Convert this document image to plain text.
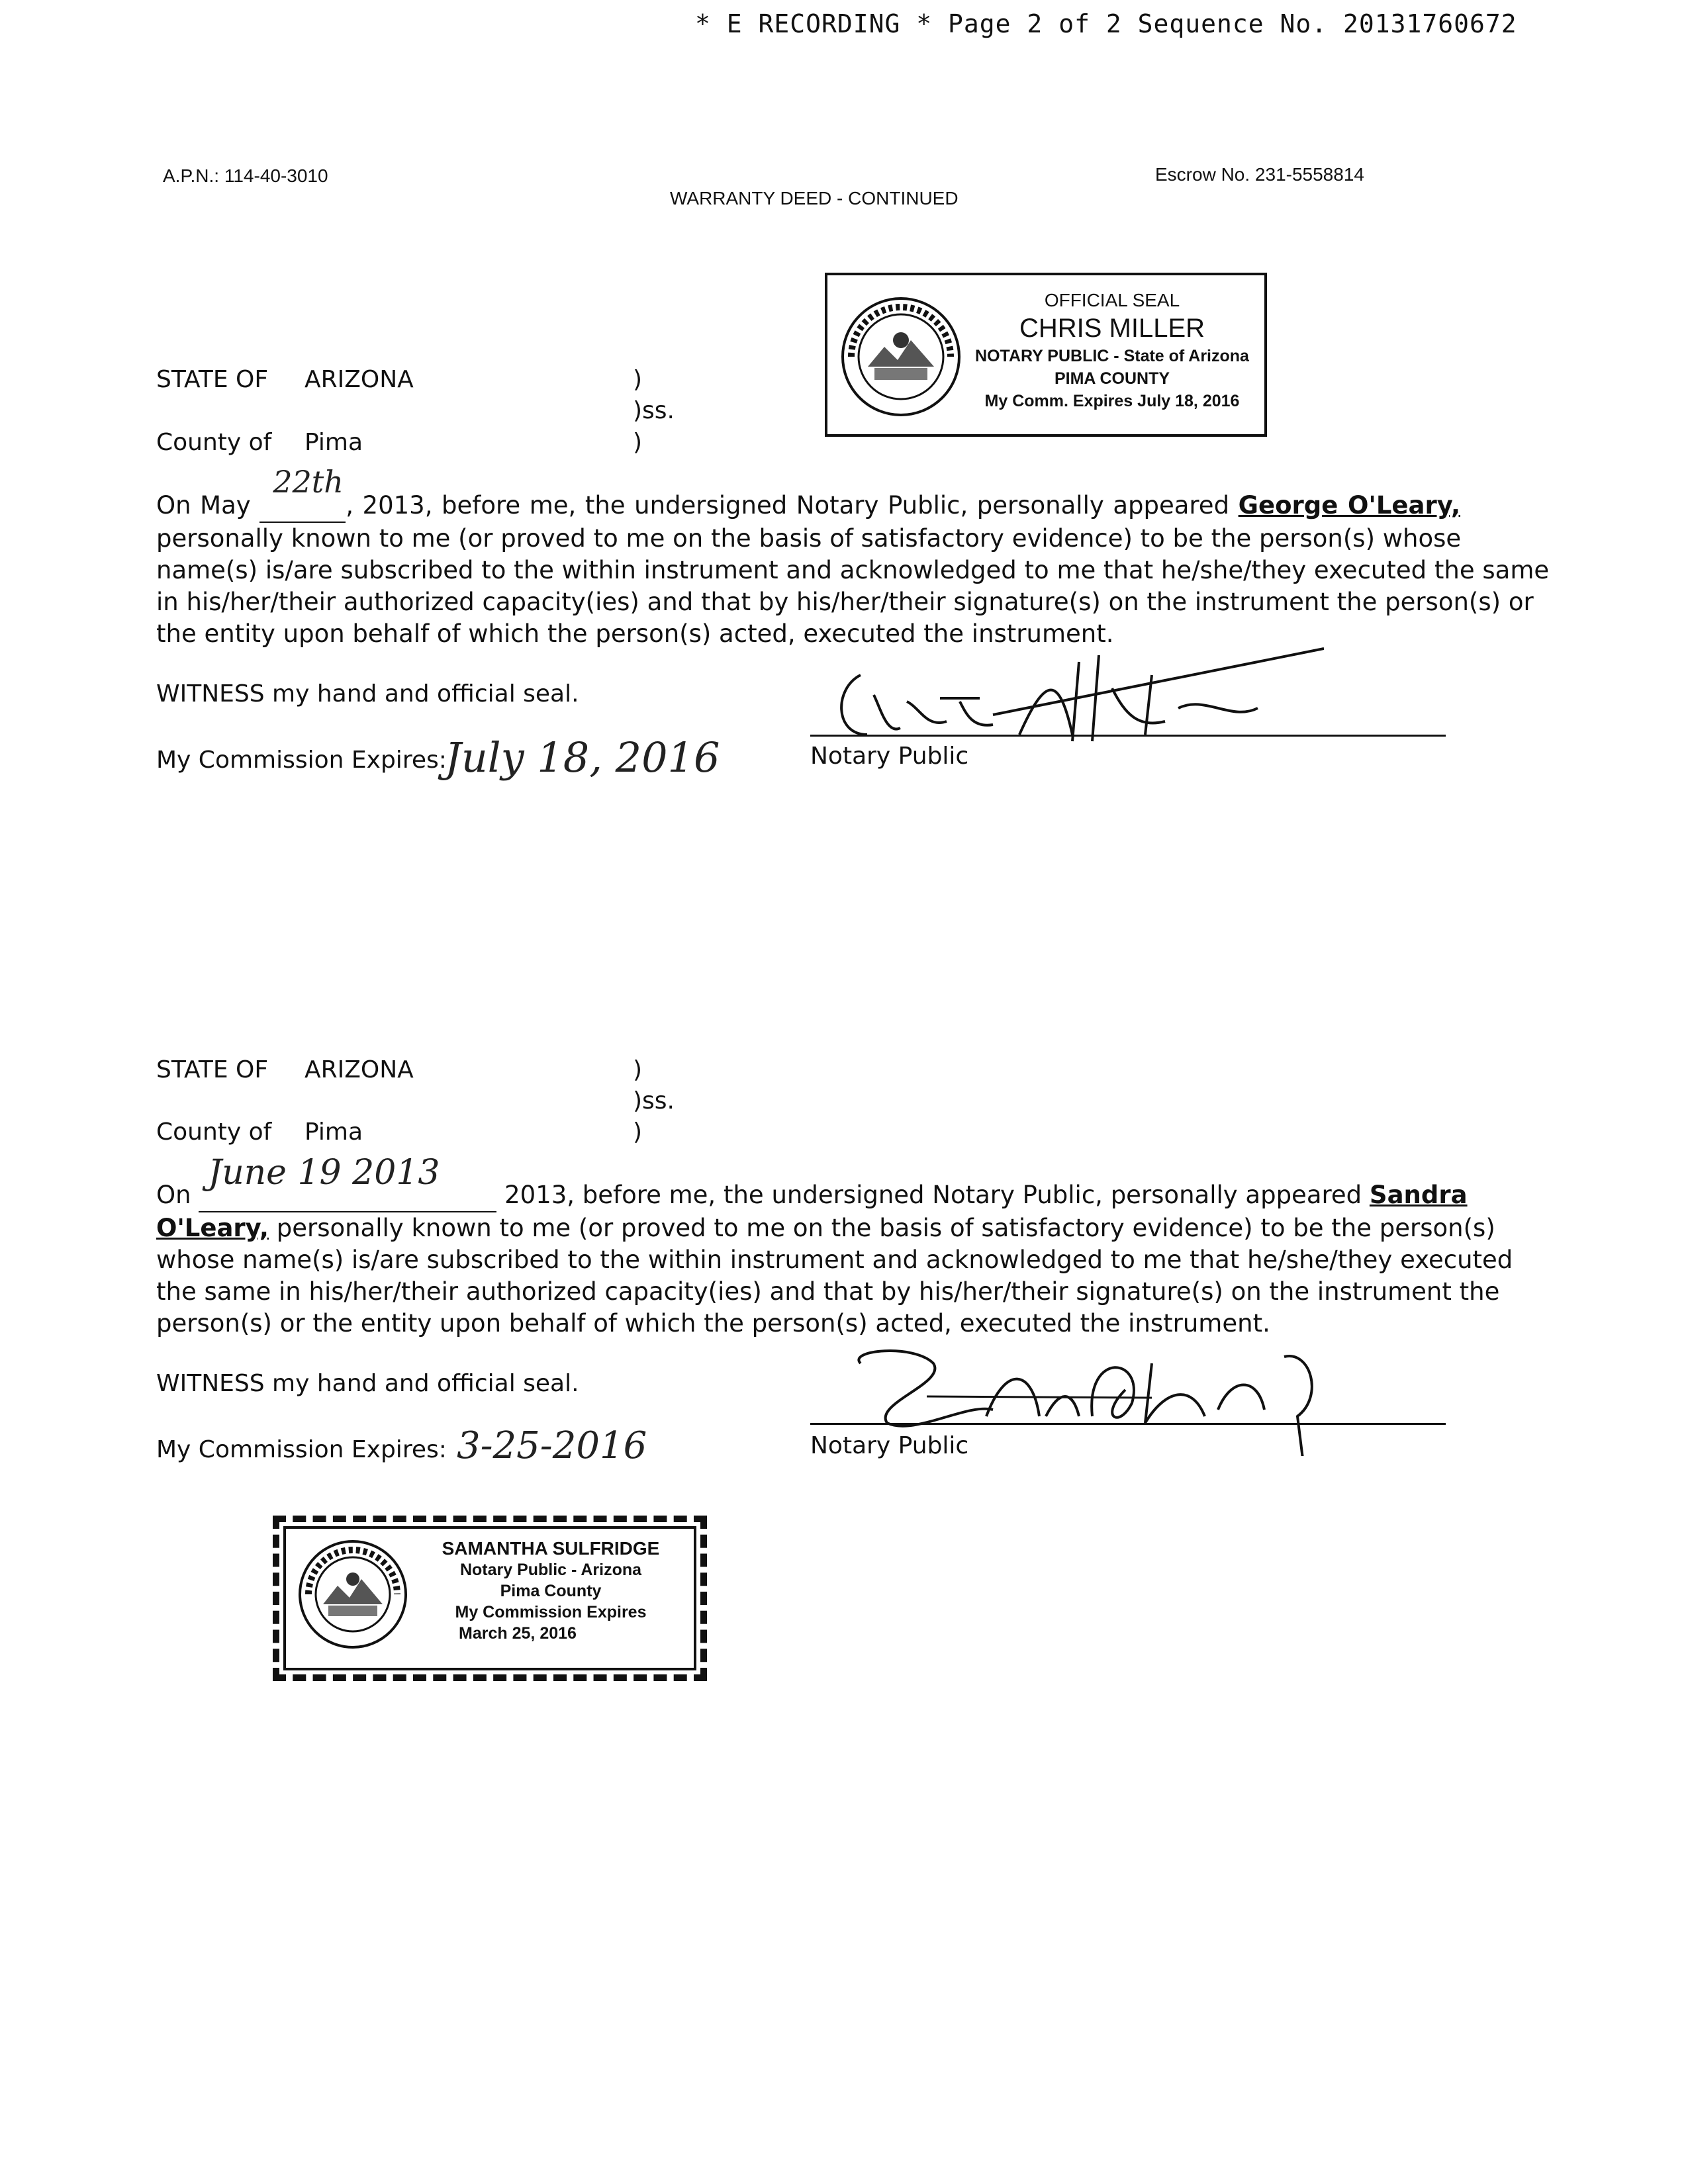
* E RECORDING * Page 2 of 2 Sequence No. 20131760672
A.P.N.: 114-40-3010	Escrow No. 231-5558814
WARRANTY DEED - CONTINUED
OFFICIAL SEAL
CHRIS MILLER
NOTARY PUBLIC - State of Arizona
PIMA COUNTY
My Comm. Expires July 18, 2016
STATE OF ARIZONA	)
)ss.
County of Pima	)
On May
22th
, 2013, before me, the undersigned Notary Public, personally appeared George O'Leary,
personally known to me (or proved to me on the basis of satisfactory evidence) to be the person(s) whose
name(s) is/are subscribed to the within instrument and acknowledged to me that he/she/they executed the same
in his/her/their authorized capacity(ies) and that by his/her/their signature(s) on the instrument the person(s) or
the entity upon behalf of which the person(s) acted, executed the instrument.
WITNESS my hand and official seal.
My Commission Expires:
July 18, 2016	Notary Public
STATE OF ARIZONA	)
)ss.
County of Pima	)
On
June 19 2013
2013, before me, the undersigned Notary Public, personally appeared Sandra
O'Leary, personally known to me (or proved to me on the basis of satisfactory evidence) to be the person(s)
whose name(s) is/are subscribed to the within instrument and acknowledged to me that he/she/they executed
the same in his/her/their authorized capacity(ies) and that by his/her/their signature(s) on the instrument the
person(s) or the entity upon behalf of which the person(s) acted, executed the instrument.
WITNESS my hand and official seal.
My Commission Expires: 3-25-2016	Notary Public
SAMANTHA SULFRIDGE
Notary Public - Arizona
Pima County
My Commission Expires
March 25, 2016
